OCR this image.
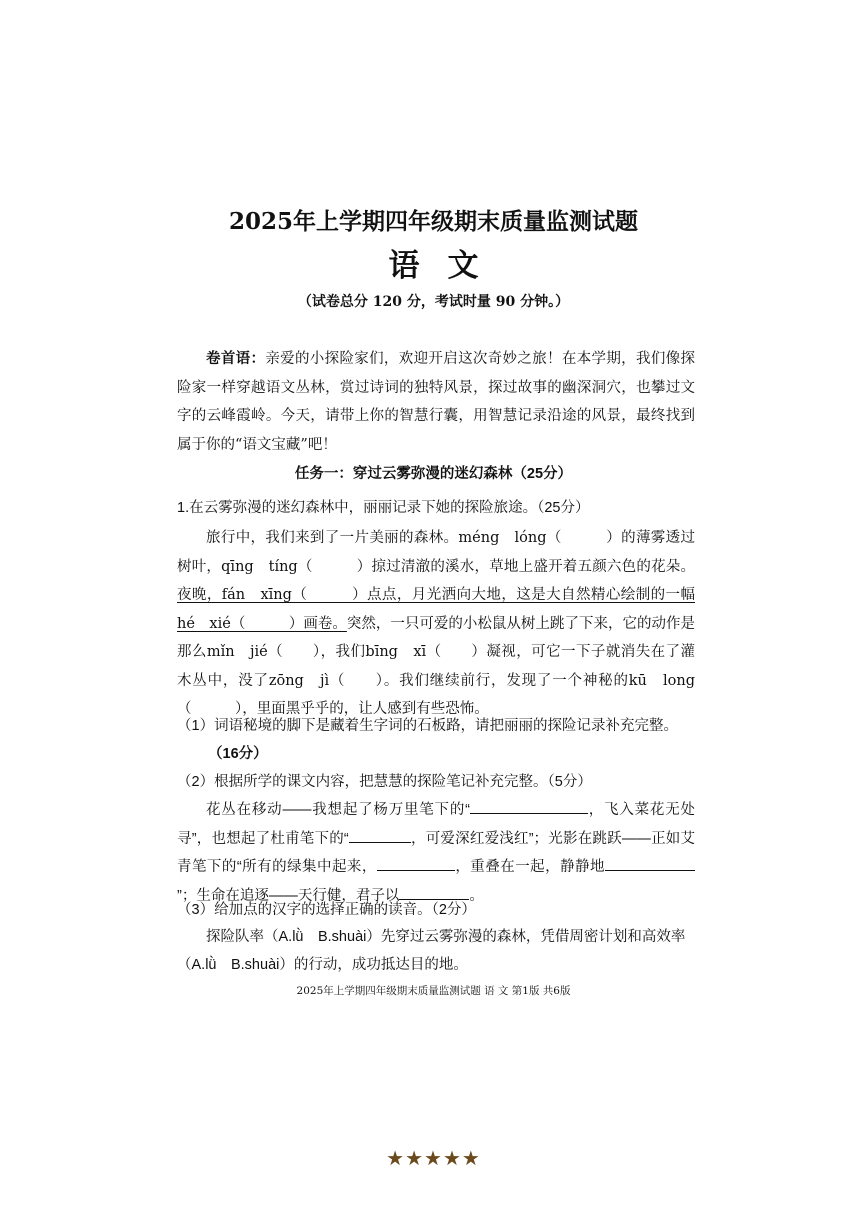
2025年上学期四年级期末质量监测试题
语文
（试卷总分 120 分，考试时量 90 分钟。）
卷首语：亲爱的小探险家们，欢迎开启这次奇妙之旅！在本学期，我们像探险家一样穿越语文丛林，赏过诗词的独特风景，探过故事的幽深洞穴，也攀过文字的云峰霞岭。今天，请带上你的智慧行囊，用智慧记录沿途的风景，最终找到属于你的“语文宝藏”吧！
任务一：穿过云雾弥漫的迷幻森林（25分）
1.在云雾弥漫的迷幻森林中，丽丽记录下她的探险旅途。（25分）
旅行中，我们来到了一片美丽的森林。méng　lóng（　　　）的薄雾透过树叶，qīng　tíng（　　　）掠过清澈的溪水，草地上盛开着五颜六色的花朵。夜晚，fán　xīng（　　　）点点，月光洒向大地，这是大自然精心绘制的一幅hé　xié（　　　）画卷。突然，一只可爱的小松鼠从树上跳了下来，它的动作是那么mǐn　jié（　　），我们bīng　xī（　　）凝视，可它一下子就消失在了灌木丛中，没了zōng　jì（　　）。我们继续前行，发现了一个神秘的kū　long（　　　），里面黑乎乎的，让人感到有些恐怖。
（1）词语秘境的脚下是藏着生字词的石板路，请把丽丽的探险记录补充完整。
（16分）
（2）根据所学的课文内容，把慧慧的探险笔记补充完整。（5分）
花丛在移动——我想起了杨万里笔下的“	，飞入菜花无处寻”，也想起了杜甫笔下的“	，可爱深红爱浅红”；光影在跳跃——正如艾青笔下的“所有的绿集中起来，	，重叠在一起，静静地”；生命在追逐——天行健，君子以	。
（3）给加点的汉字的选择正确的读音。（2分）
探险队率（A.lǜ　B.shuài）先穿过云雾弥漫的森林，凭借周密计划和高效率（A.lǜ　B.shuài）的行动，成功抵达目的地。
2025年上学期四年级期末质量监测试题 语 文 第1版 共6版
★★★★★
